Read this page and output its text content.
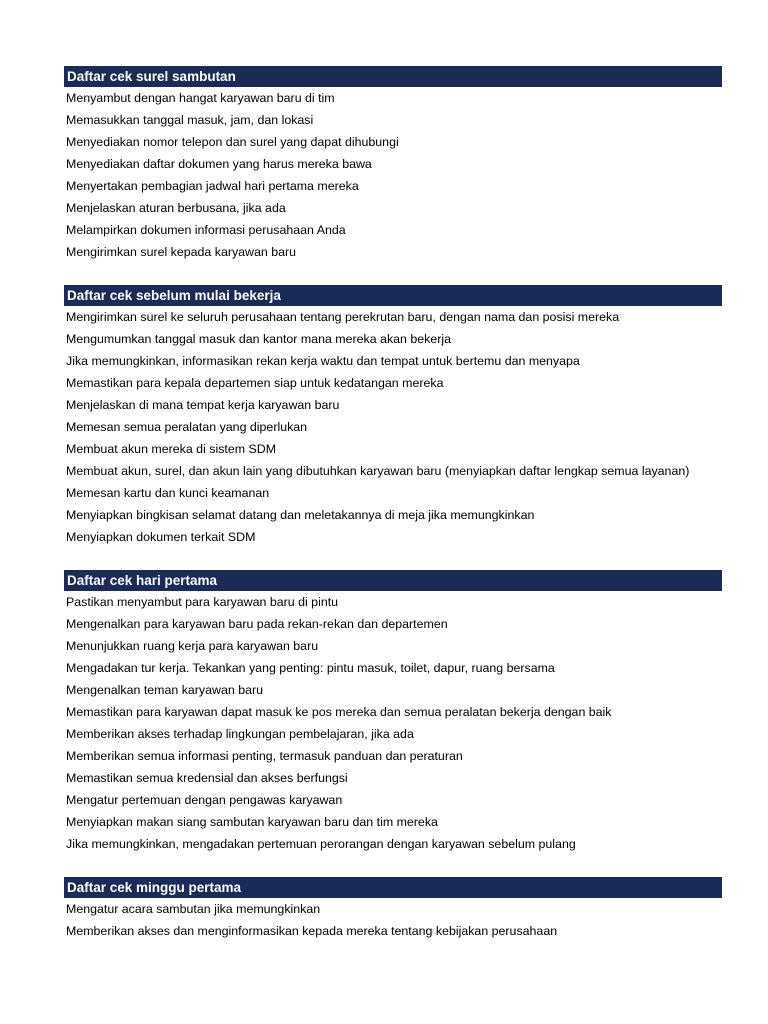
Daftar cek surel sambutan
Menyambut dengan hangat karyawan baru di tim
Memasukkan tanggal masuk, jam, dan lokasi
Menyediakan nomor telepon dan surel yang dapat dihubungi
Menyediakan daftar dokumen yang harus mereka bawa
Menyertakan pembagian jadwal hari pertama mereka
Menjelaskan aturan berbusana, jika ada
Melampirkan dokumen informasi perusahaan Anda
Mengirimkan surel kepada karyawan baru
Daftar cek sebelum mulai bekerja
Mengirimkan surel ke seluruh perusahaan tentang perekrutan baru, dengan nama dan posisi mereka
Mengumumkan tanggal masuk dan kantor mana mereka akan bekerja
Jika memungkinkan, informasikan rekan kerja waktu dan tempat untuk bertemu dan menyapa
Memastikan para kepala departemen siap untuk kedatangan mereka
Menjelaskan di mana tempat kerja karyawan baru
Memesan semua peralatan yang diperlukan
Membuat akun mereka di sistem SDM
Membuat akun, surel, dan akun lain yang dibutuhkan karyawan baru (menyiapkan daftar lengkap semua layanan)
Memesan kartu dan kunci keamanan
Menyiapkan bingkisan selamat datang dan meletakannya di meja jika memungkinkan
Menyiapkan dokumen terkait SDM
Daftar cek hari pertama
Pastikan menyambut para karyawan baru di pintu
Mengenalkan para karyawan baru pada rekan-rekan dan departemen
Menunjukkan ruang kerja para karyawan baru
Mengadakan tur kerja. Tekankan yang penting: pintu masuk, toilet, dapur, ruang bersama
Mengenalkan teman karyawan baru
Memastikan para karyawan dapat masuk ke pos mereka dan semua peralatan bekerja dengan baik
Memberikan akses terhadap lingkungan pembelajaran, jika ada
Memberikan semua informasi penting, termasuk panduan dan peraturan
Memastikan semua kredensial dan akses berfungsi
Mengatur pertemuan dengan pengawas karyawan
Menyiapkan makan siang sambutan karyawan baru dan tim mereka
Jika memungkinkan, mengadakan pertemuan perorangan dengan karyawan sebelum pulang
Daftar cek minggu pertama
Mengatur acara sambutan jika memungkinkan
Memberikan akses dan menginformasikan kepada mereka tentang kebijakan perusahaan
